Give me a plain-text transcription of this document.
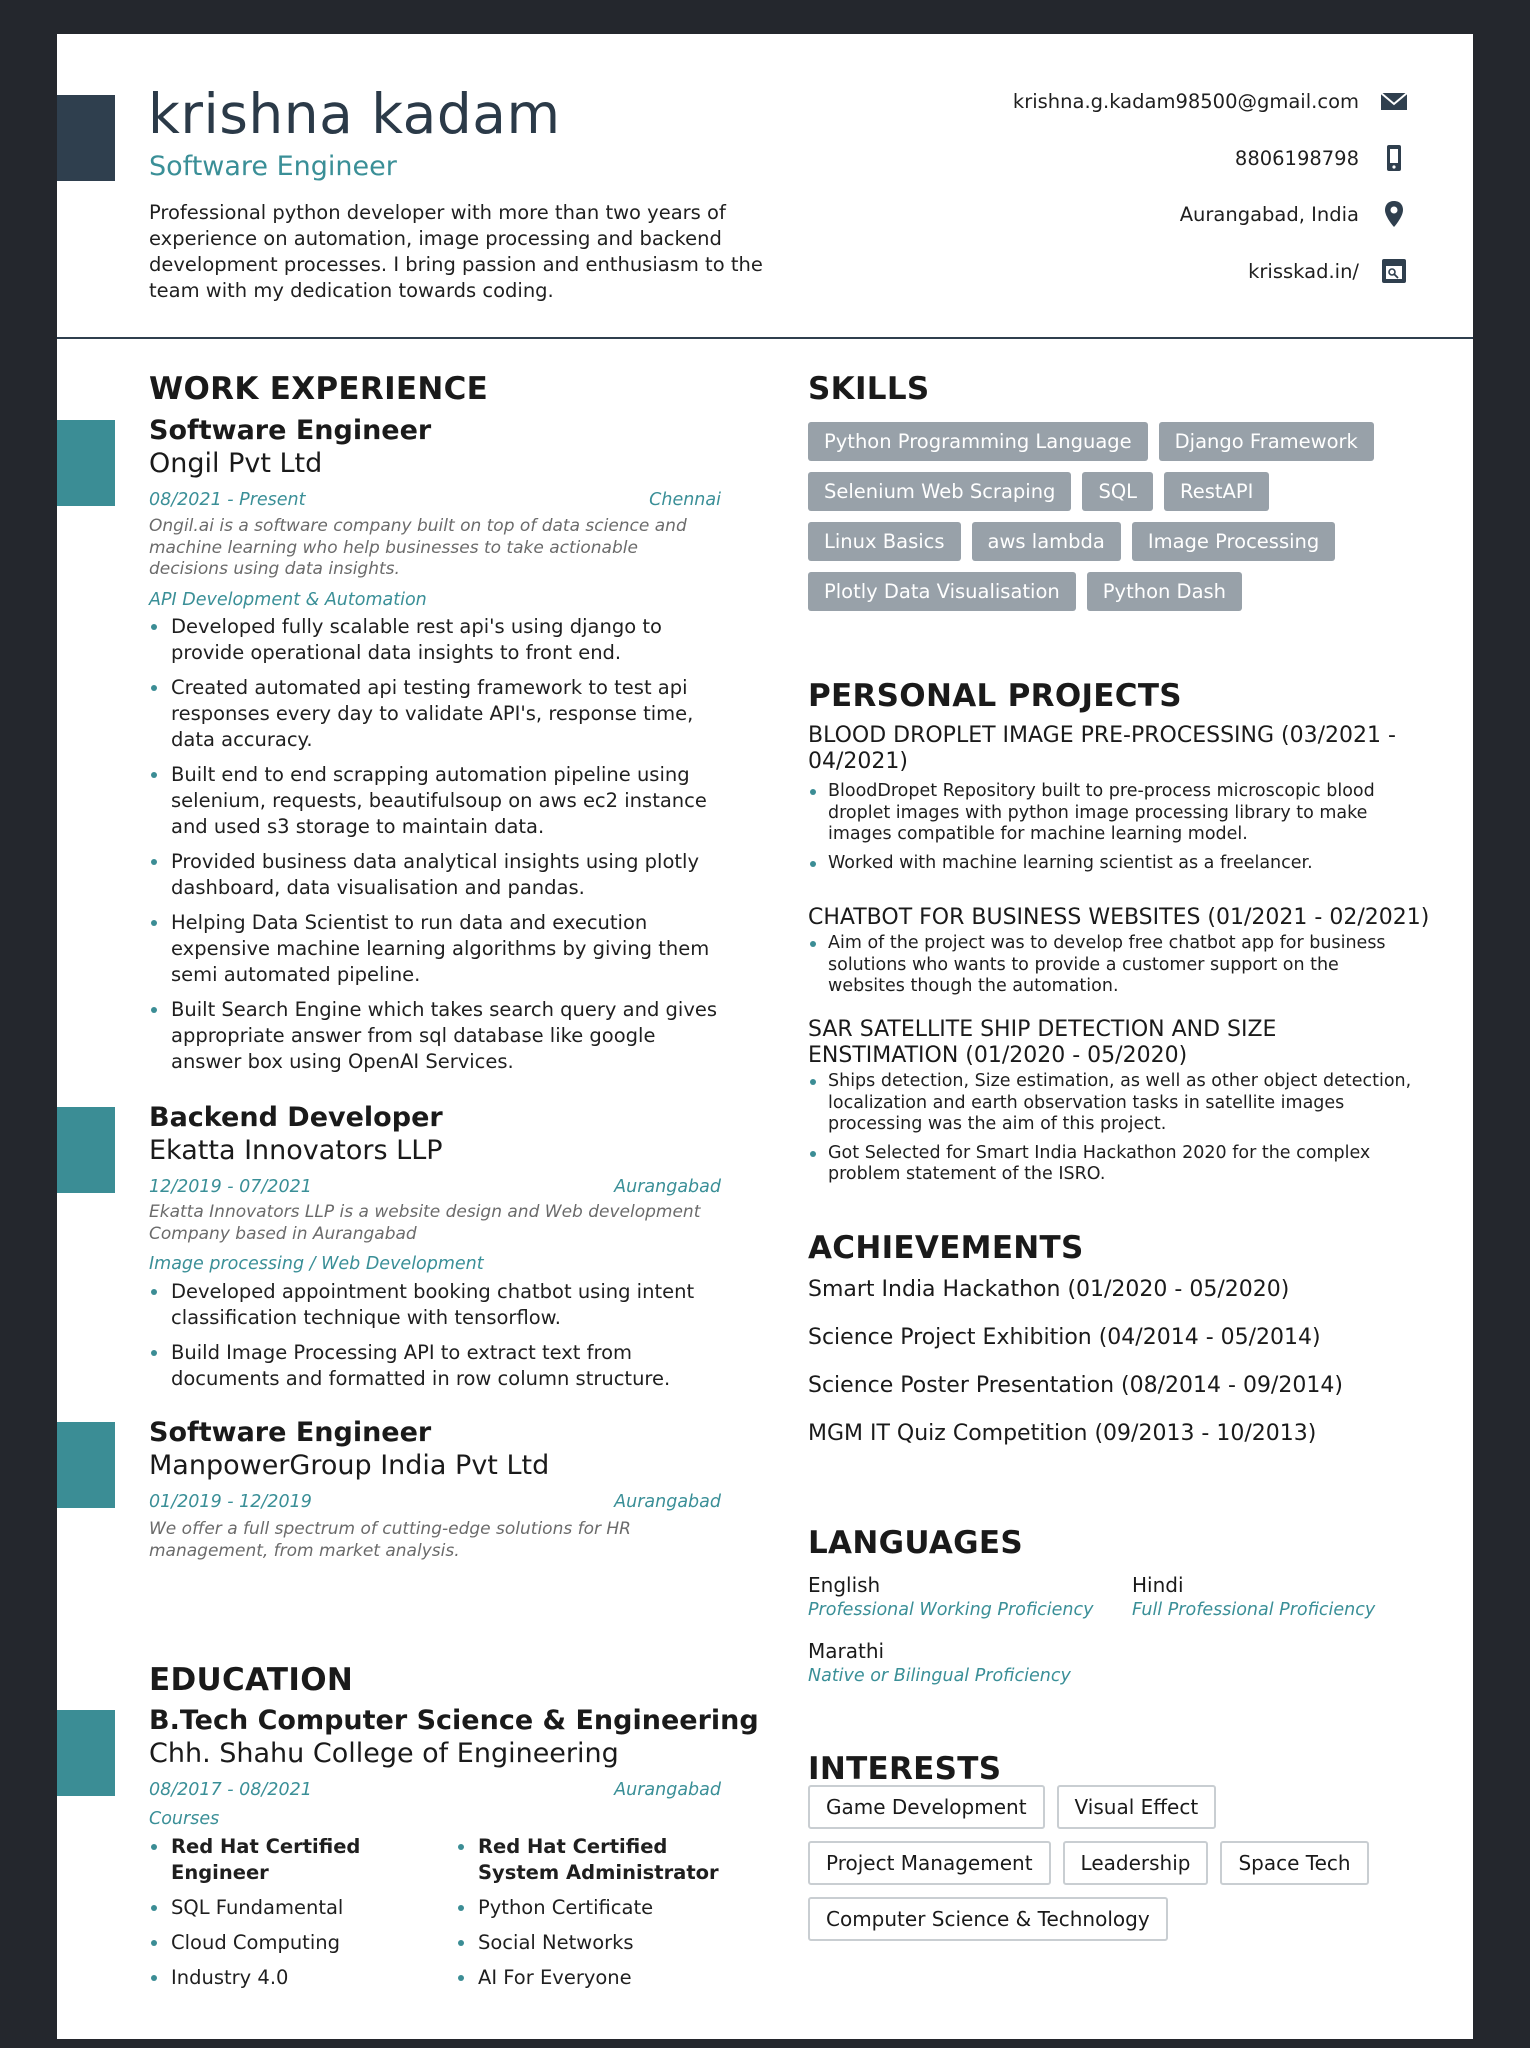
krishna kadam
Software Engineer
Professional python developer with more than two years of experience on automation, image processing and backend development processes. I bring passion and enthusiasm to the team with my dedication towards coding.
krishna.g.kadam98500@gmail.com
8806198798
Aurangabad, India
krisskad.in/
WORK EXPERIENCE
Software Engineer
Ongil Pvt Ltd
08/2021 - Present	Chennai
Ongil.ai is a software company built on top of data science and machine learning who help businesses to take actionable decisions using data insights.
API Development & Automation
Developed fully scalable rest api's using django to provide operational data insights to front end.
Created automated api testing framework to test api responses every day to validate API's, response time, data accuracy.
Built end to end scrapping automation pipeline using selenium, requests, beautifulsoup on aws ec2 instance and used s3 storage to maintain data.
Provided business data analytical insights using plotly dashboard, data visualisation and pandas.
Helping Data Scientist to run data and execution expensive machine learning algorithms by giving them semi automated pipeline.
Built Search Engine which takes search query and gives appropriate answer from sql database like google answer box using OpenAI Services.
Backend Developer
Ekatta Innovators LLP
12/2019 - 07/2021	Aurangabad
Ekatta Innovators LLP is a website design and Web development Company based in Aurangabad
Image processing / Web Development
Developed appointment booking chatbot using intent classification technique with tensorflow.
Build Image Processing API to extract text from documents and formatted in row column structure.
Software Engineer
ManpowerGroup India Pvt Ltd
01/2019 - 12/2019	Aurangabad
We offer a full spectrum of cutting-edge solutions for HR management, from market analysis.
EDUCATION
B.Tech Computer Science & Engineering
Chh. Shahu College of Engineering
08/2017 - 08/2021	Aurangabad
Courses
Red Hat Certified Engineer
SQL Fundamental
Cloud Computing
Industry 4.0
Red Hat Certified System Administrator
Python Certificate
Social Networks
AI For Everyone
SKILLS
Python Programming Language	Django Framework
Selenium Web Scraping	SQL	RestAPI
Linux Basics	aws lambda	Image Processing
Plotly Data Visualisation	Python Dash
PERSONAL PROJECTS
BLOOD DROPLET IMAGE PRE-PROCESSING (03/2021 - 04/2021)
BloodDropet Repository built to pre-process microscopic blood droplet images with python image processing library to make images compatible for machine learning model.
Worked with machine learning scientist as a freelancer.
CHATBOT FOR BUSINESS WEBSITES (01/2021 - 02/2021)
Aim of the project was to develop free chatbot app for business solutions who wants to provide a customer support on the websites though the automation.
SAR SATELLITE SHIP DETECTION AND SIZE ENSTIMATION (01/2020 - 05/2020)
Ships detection, Size estimation, as well as other object detection, localization and earth observation tasks in satellite images processing was the aim of this project.
Got Selected for Smart India Hackathon 2020 for the complex problem statement of the ISRO.
ACHIEVEMENTS
Smart India Hackathon (01/2020 - 05/2020)
Science Project Exhibition (04/2014 - 05/2014)
Science Poster Presentation (08/2014 - 09/2014)
MGM IT Quiz Competition (09/2013 - 10/2013)
LANGUAGES
English
Professional Working Proficiency
Hindi
Full Professional Proficiency
Marathi
Native or Bilingual Proficiency
INTERESTS
Game Development	Visual Effect
Project Management	Leadership	Space Tech
Computer Science & Technology
